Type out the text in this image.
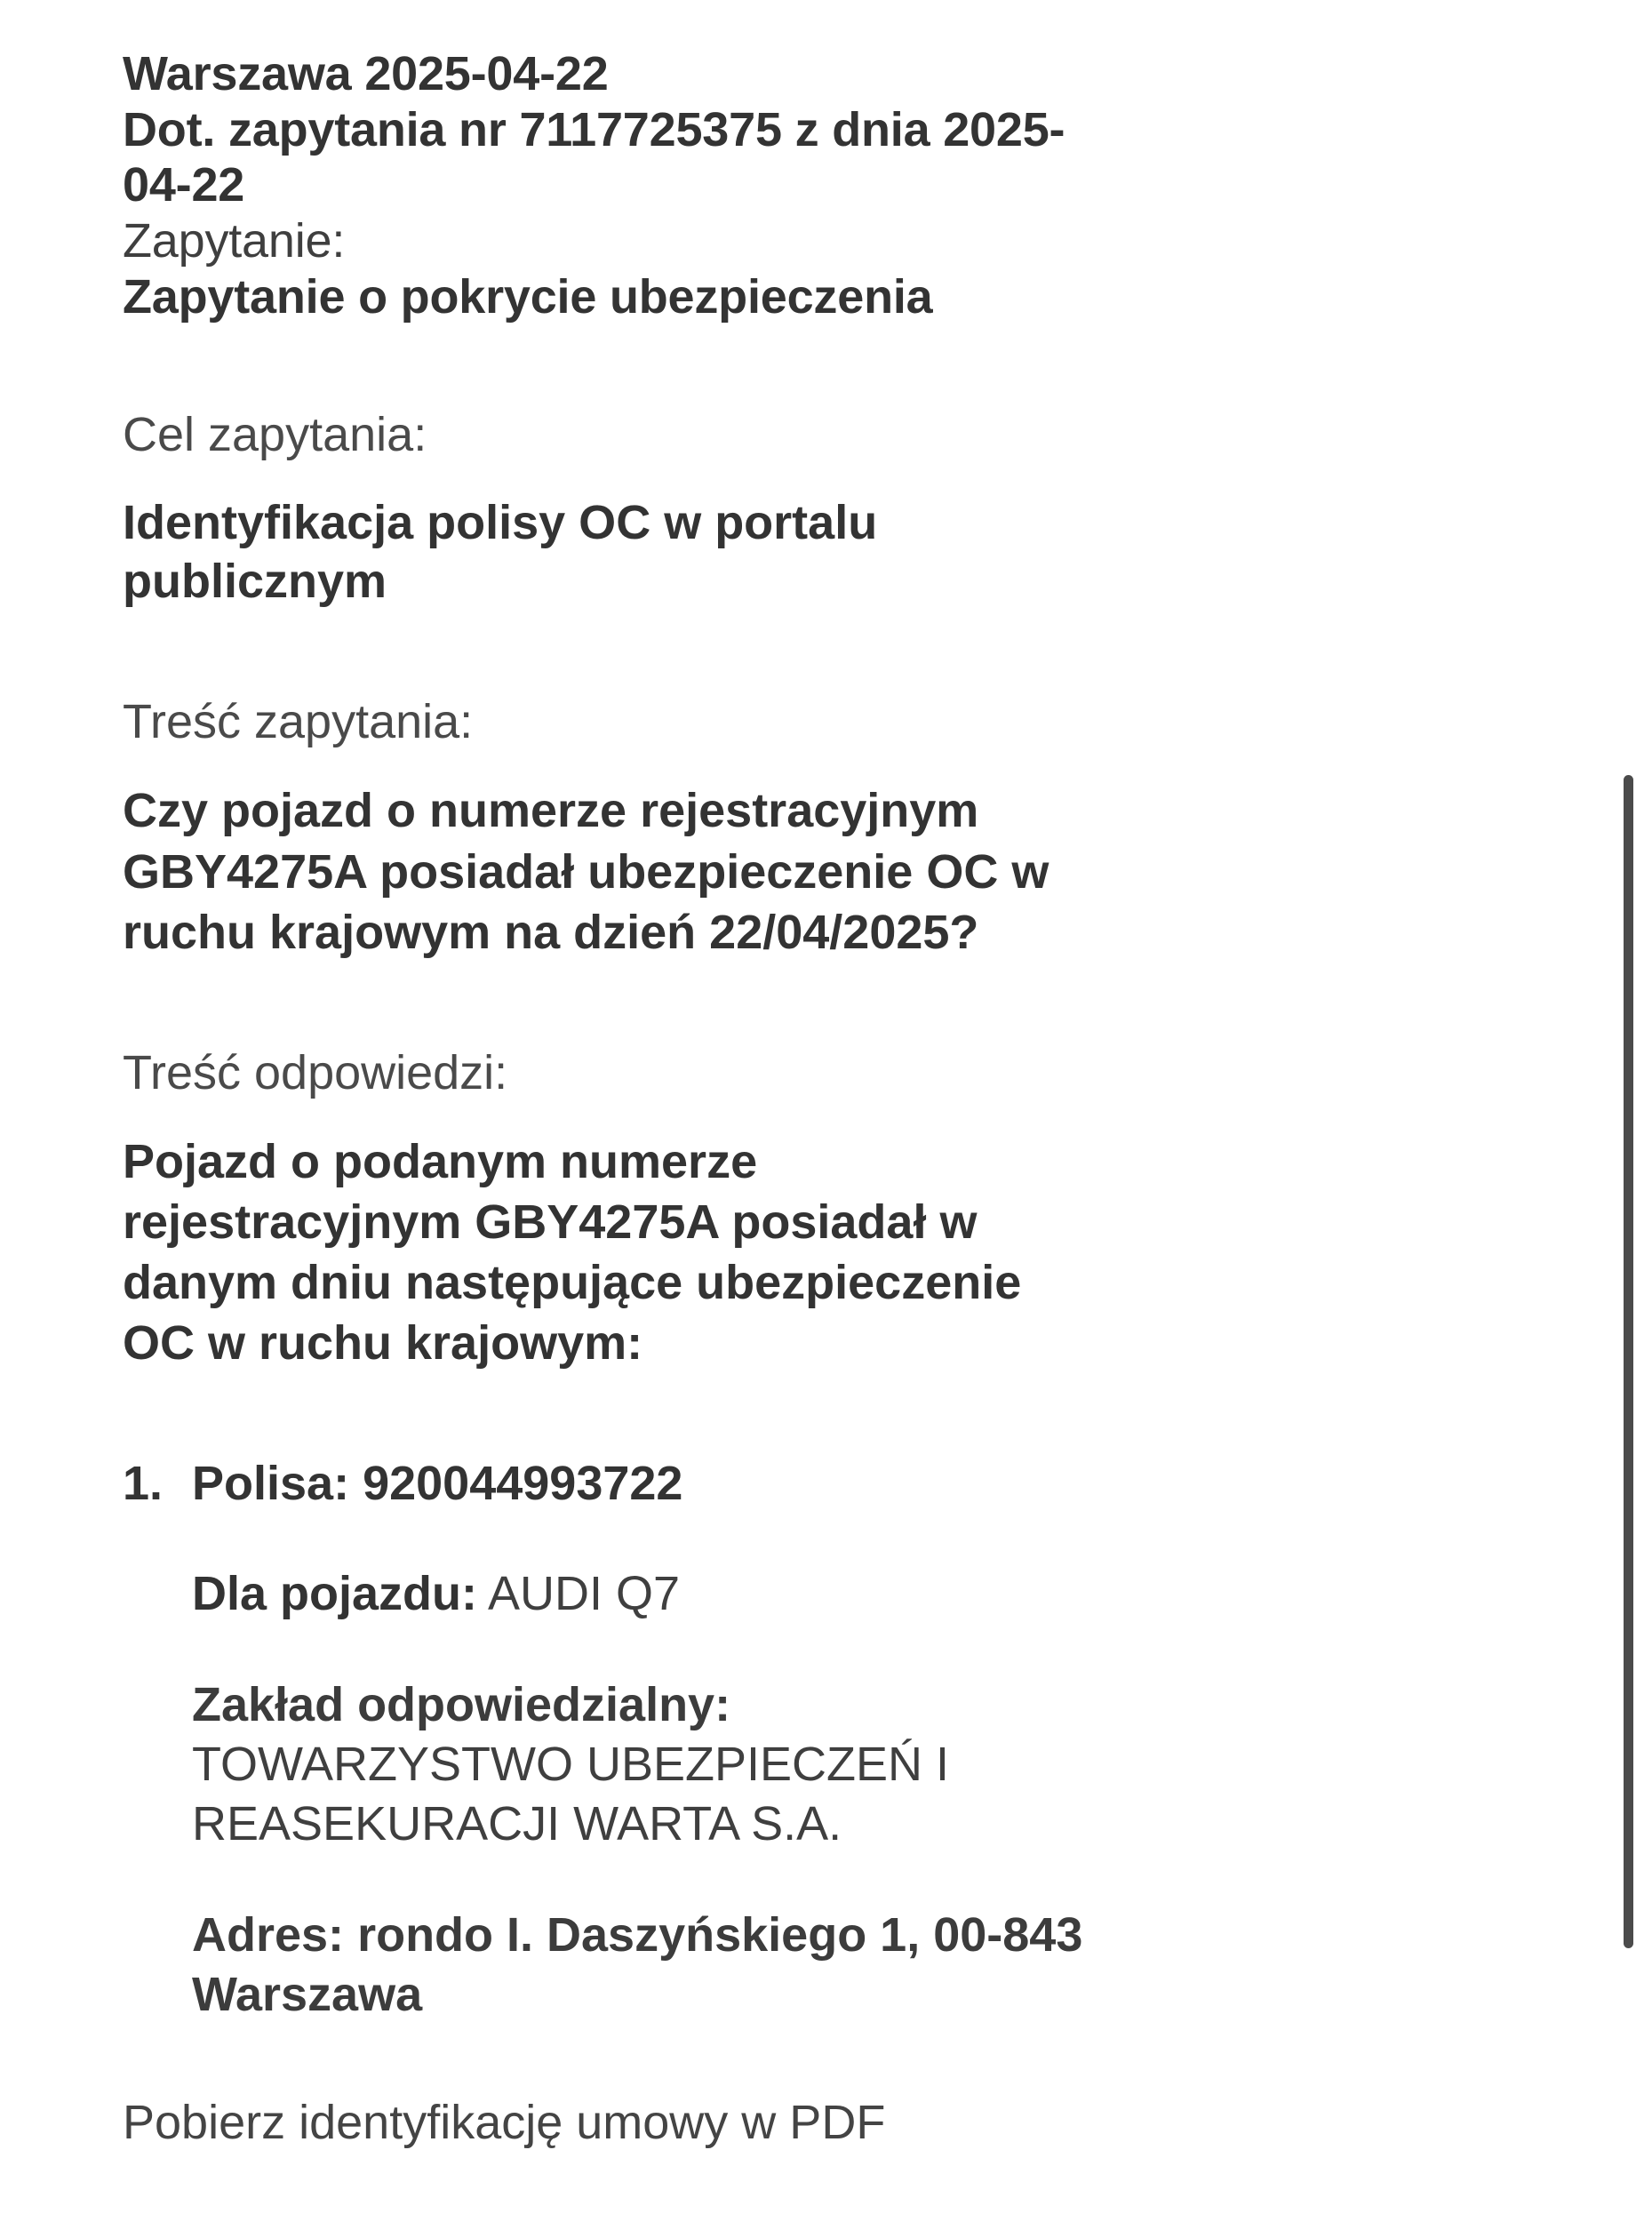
Warszawa 2025-04-22
Dot. zapytania nr 7117725375 z dnia 2025-04-22
Zapytanie:
Zapytanie o pokrycie ubezpieczenia
Cel zapytania:
Identyfikacja polisy OC w portalu publicznym
Treść zapytania:
Czy pojazd o numerze rejestracyjnym GBY4275A posiadał ubezpieczenie OC w ruchu krajowym na dzień 22/04/2025?
Treść odpowiedzi:
Pojazd o podanym numerze rejestracyjnym GBY4275A posiadał w danym dniu następujące ubezpieczenie OC w ruchu krajowym:
1. Polisa: 920044993722
Dla pojazdu: AUDI Q7
Zakład odpowiedzialny:
TOWARZYSTWO UBEZPIECZEŃ I REASEKURACJI WARTA S.A.
Adres: rondo I. Daszyńskiego 1, 00-843 Warszawa
Pobierz identyfikację umowy w PDF
